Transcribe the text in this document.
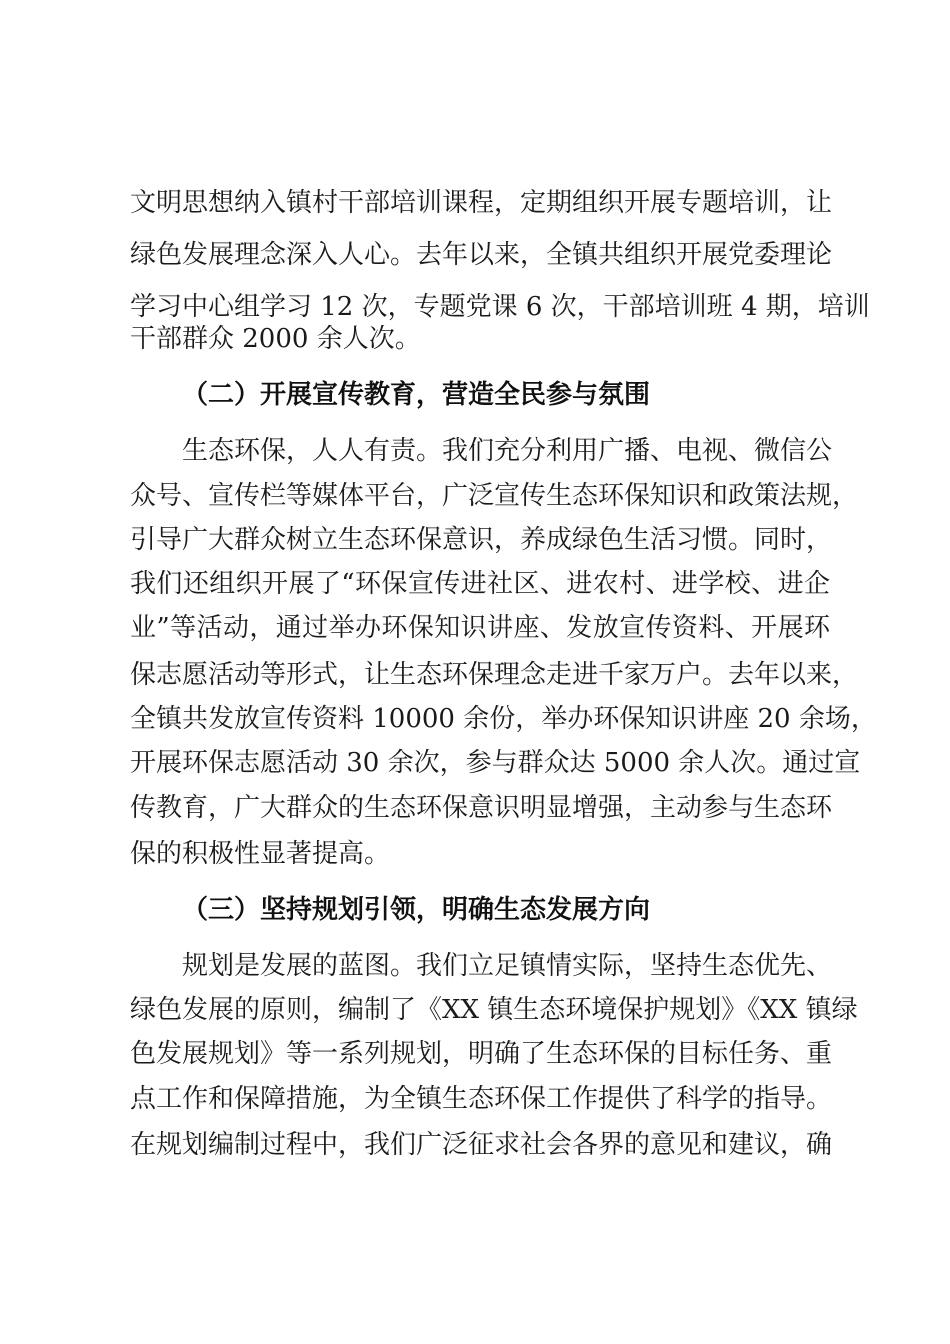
文明思想纳入镇村干部培训课程，定期组织开展专题培训，让
绿色发展理念深入人心。去年以来，全镇共组织开展党委理论
学习中心组学习 12 次，专题党课 6 次，干部培训班 4 期，培训
干部群众 2000 余人次。
（二）开展宣传教育，营造全民参与氛围
生态环保，人人有责。我们充分利用广播、电视、微信公
众号、宣传栏等媒体平台，广泛宣传生态环保知识和政策法规，
引导广大群众树立生态环保意识，养成绿色生活习惯。同时，
我们还组织开展了“环保宣传进社区、进农村、进学校、进企
业”等活动，通过举办环保知识讲座、发放宣传资料、开展环
保志愿活动等形式，让生态环保理念走进千家万户。去年以来，
全镇共发放宣传资料 10000 余份，举办环保知识讲座 20 余场，
开展环保志愿活动 30 余次，参与群众达 5000 余人次。通过宣
传教育，广大群众的生态环保意识明显增强，主动参与生态环
保的积极性显著提高。
（三）坚持规划引领，明确生态发展方向
规划是发展的蓝图。我们立足镇情实际，坚持生态优先、
绿色发展的原则，编制了《XX 镇生态环境保护规划》《XX 镇绿
色发展规划》等一系列规划，明确了生态环保的目标任务、重
点工作和保障措施，为全镇生态环保工作提供了科学的指导。
在规划编制过程中，我们广泛征求社会各界的意见和建议，确
